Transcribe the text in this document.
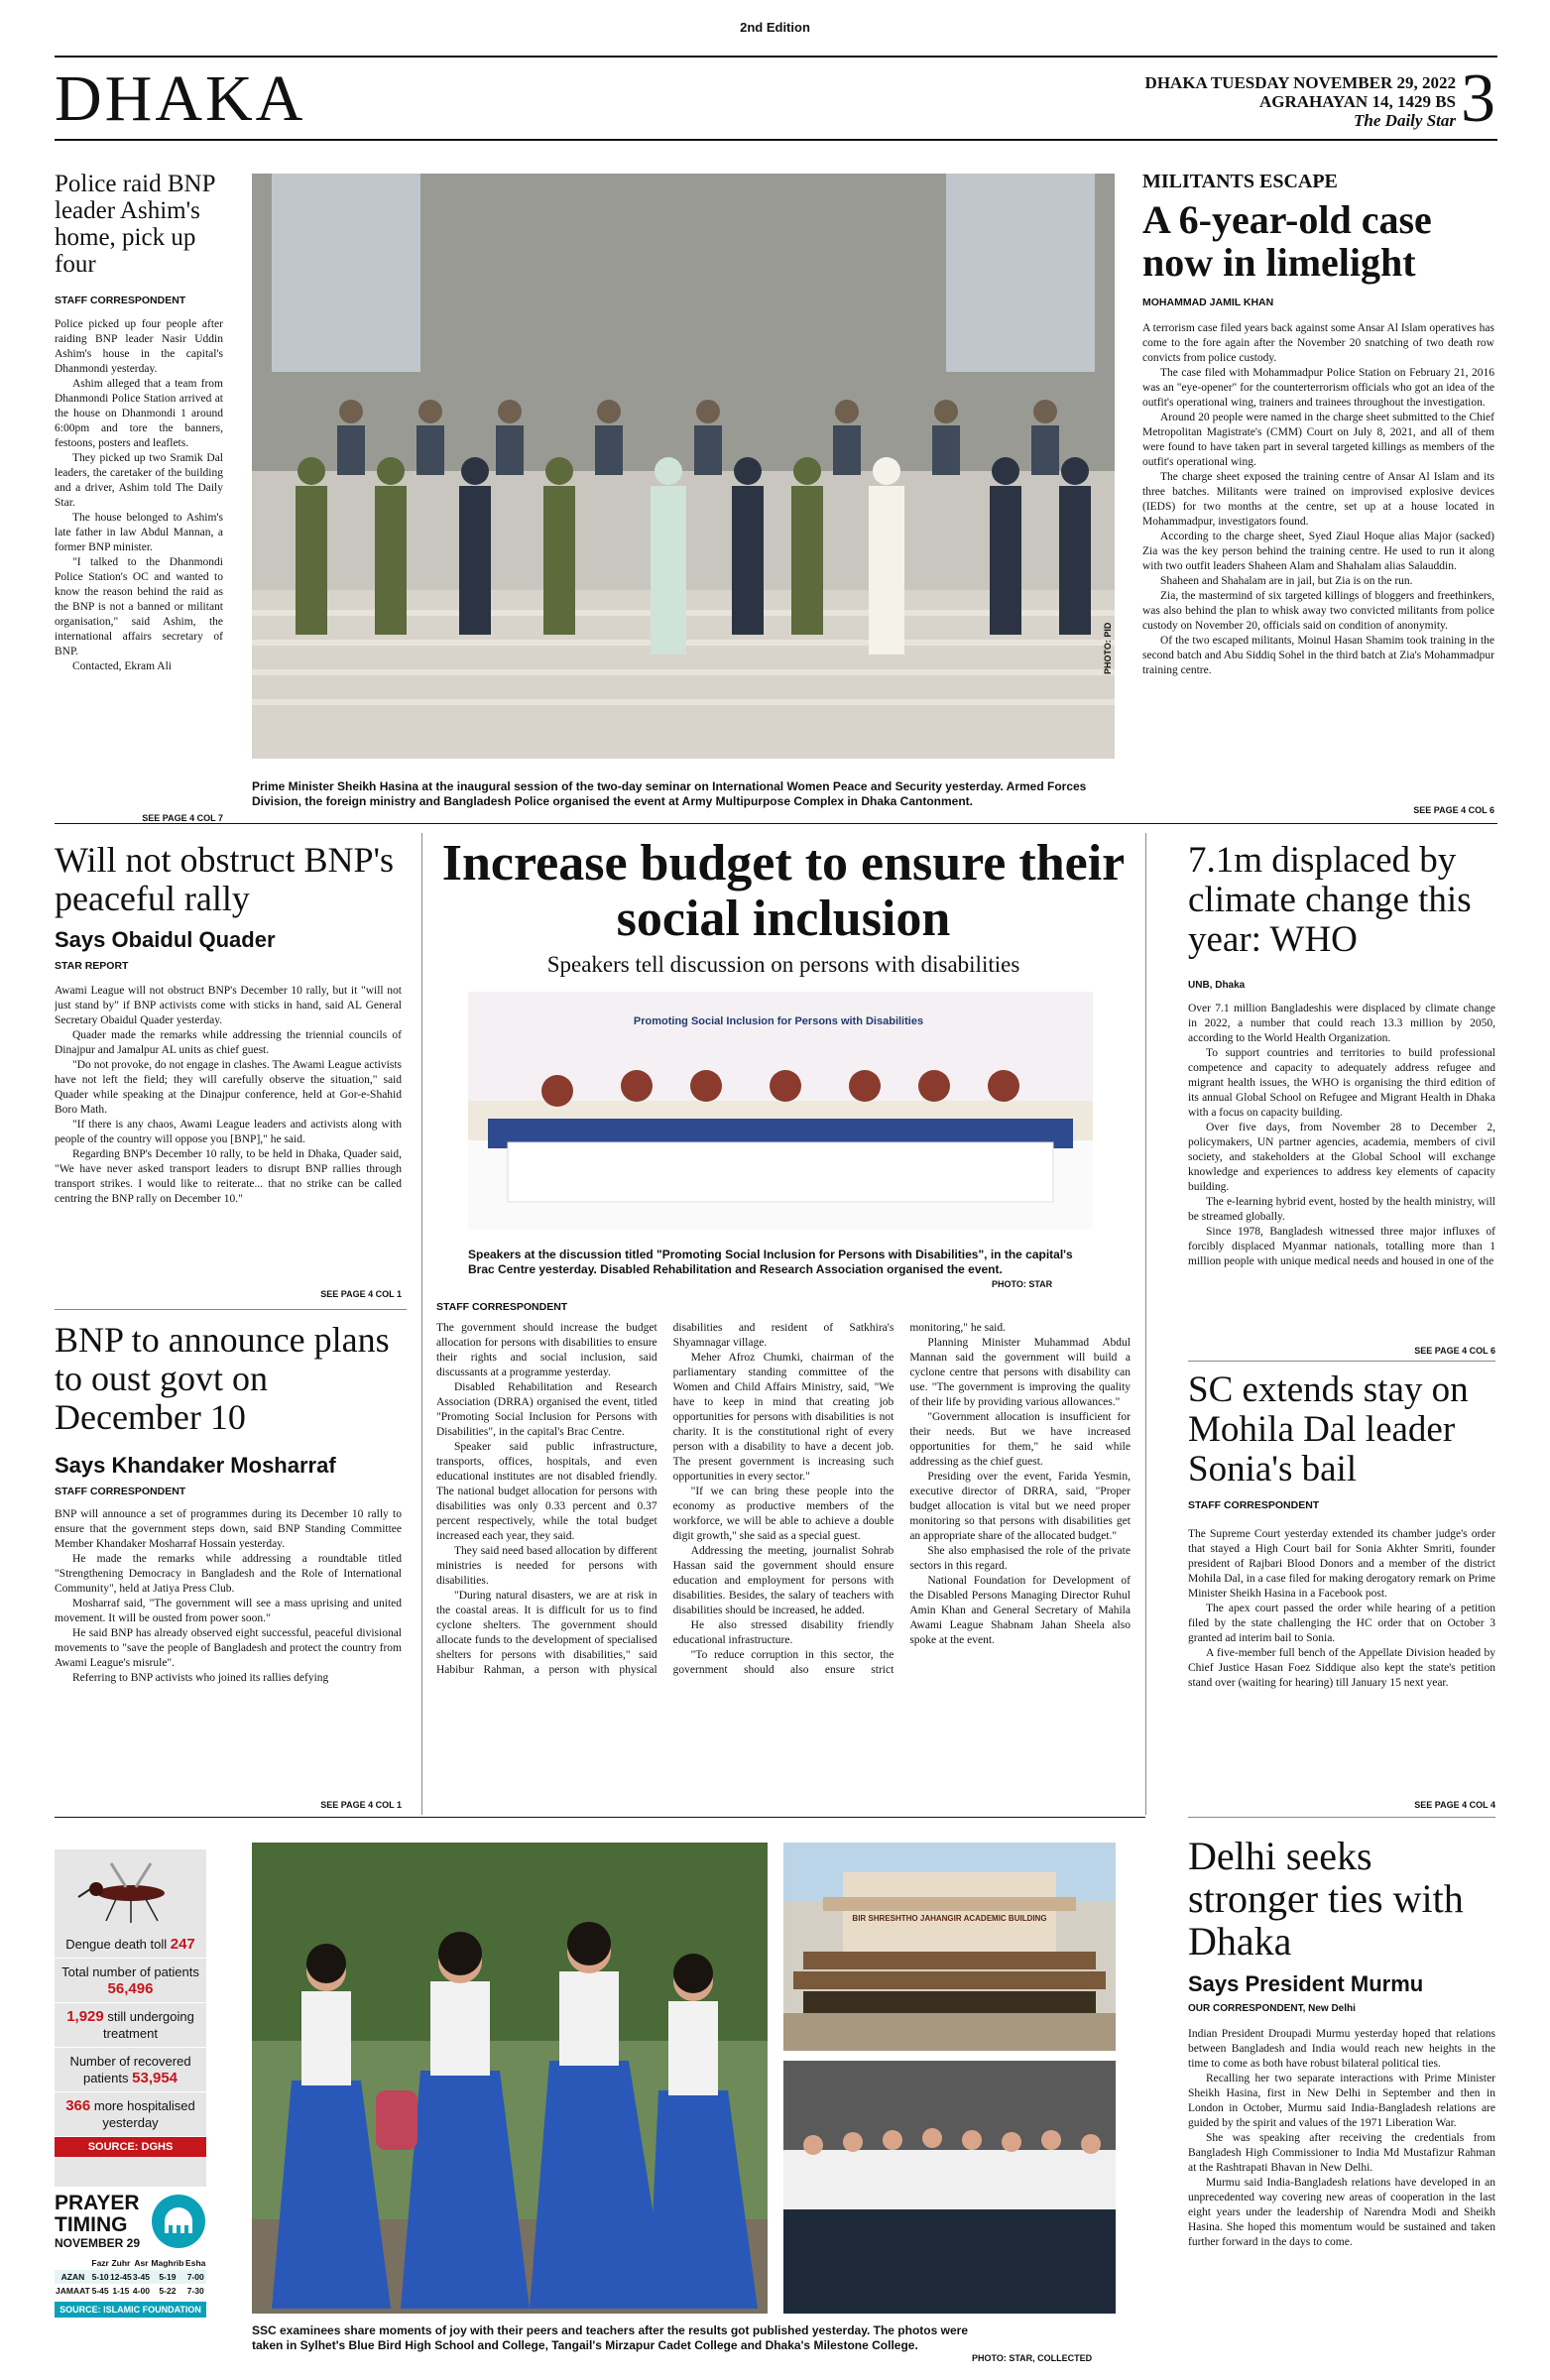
2nd Edition
DHAKA	DHAKA TUESDAY NOVEMBER 29, 2022
AGRAHAYAN 14, 1429 BS
The Daily Star 3
Police raid BNP leader Ashim's home, pick up four
STAFF CORRESPONDENT

Police picked up four people after raiding BNP leader Nasir Uddin Ashim's house in the capital's Dhanmondi yesterday.

Ashim alleged that a team from Dhanmondi Police Station arrived at the house on Dhanmondi 1 around 6:00pm and tore the banners, festoons, posters and leaflets.

They picked up two Sramik Dal leaders, the caretaker of the building and a driver, Ashim told The Daily Star.

The house belonged to Ashim's late father in law Abdul Mannan, a former BNP minister.

"I talked to the Dhanmondi Police Station's OC and wanted to know the reason behind the raid as the BNP is not a banned or militant organisation," said Ashim, the international affairs secretary of BNP.

Contacted, Ekram Ali

SEE PAGE 4 COL 7
PHOTO: PID
Prime Minister Sheikh Hasina at the inaugural session of the two-day seminar on International Women Peace and Security yesterday. Armed Forces Division, the foreign ministry and Bangladesh Police organised the event at Army Multipurpose Complex in Dhaka Cantonment.
MILITANTS ESCAPE
A 6-year-old case now in limelight
MOHAMMAD JAMIL KHAN

A terrorism case filed years back against some Ansar Al Islam operatives has come to the fore again after the November 20 snatching of two death row convicts from police custody.

The case filed with Mohammadpur Police Station on February 21, 2016 was an "eye-opener" for the counterterrorism officials who got an idea of the outfit's operational wing, trainers and trainees throughout the investigation.

Around 20 people were named in the charge sheet submitted to the Chief Metropolitan Magistrate's (CMM) Court on July 8, 2021, and all of them were found to have taken part in several targeted killings as members of the outfit's operational wing.

The charge sheet exposed the training centre of Ansar Al Islam and its three batches. Militants were trained on improvised explosive devices (IEDS) for two months at the centre, set up at a house located in Mohammadpur, investigators found.

According to the charge sheet, Syed Ziaul Hoque alias Major (sacked) Zia was the key person behind the training centre. He used to run it along with two outfit leaders Shaheen Alam and Shahalam alias Salauddin.

Shaheen and Shahalam are in jail, but Zia is on the run.

Zia, the mastermind of six targeted killings of bloggers and freethinkers, was also behind the plan to whisk away two convicted militants from police custody on November 20, officials said on condition of anonymity.

Of the two escaped militants, Moinul Hasan Shamim took training in the second batch and Abu Siddiq Sohel in the third batch at Zia's Mohammadpur training centre.

SEE PAGE 4 COL 6
Will not obstruct BNP's peaceful rally
Says Obaidul Quader
STAR REPORT

Awami League will not obstruct BNP's December 10 rally, but it "will not just stand by" if BNP activists come with sticks in hand, said AL General Secretary Obaidul Quader yesterday.

Quader made the remarks while addressing the triennial councils of Dinajpur and Jamalpur AL units as chief guest.

"Do not provoke, do not engage in clashes. The Awami League activists have not left the field; they will carefully observe the situation," said Quader while speaking at the Dinajpur conference, held at Gor-e-Shahid Boro Math.

"If there is any chaos, Awami League leaders and activists along with people of the country will oppose you [BNP]," he said.

Regarding BNP's December 10 rally, to be held in Dhaka, Quader said, "We have never asked transport leaders to disrupt BNP rallies through transport strikes. I would like to reiterate... that no strike can be called centring the BNP rally on December 10."

SEE PAGE 4 COL 1
BNP to announce plans to oust govt on December 10
Says Khandaker Mosharraf
STAFF CORRESPONDENT

BNP will announce a set of programmes during its December 10 rally to ensure that the government steps down, said BNP Standing Committee Member Khandaker Mosharraf Hossain yesterday.

He made the remarks while addressing a roundtable titled "Strengthening Democracy in Bangladesh and the Role of International Community", held at Jatiya Press Club.

Mosharraf said, "The government will see a mass uprising and united movement. It will be ousted from power soon."

He said BNP has already observed eight successful, peaceful divisional movements to "save the people of Bangladesh and protect the country from Awami League's misrule".

Referring to BNP activists who joined its rallies defying

SEE PAGE 4 COL 1
Increase budget to ensure their social inclusion
Speakers tell discussion on persons with disabilities
Promoting Social Inclusion for Persons with Disabilities
Speakers at the discussion titled "Promoting Social Inclusion for Persons with Disabilities", in the capital's Brac Centre yesterday. Disabled Rehabilitation and Research Association organised the event.
PHOTO: STAR
STAFF CORRESPONDENT

The government should increase the budget allocation for persons with disabilities to ensure their rights and social inclusion, said discussants at a programme yesterday.

Disabled Rehabilitation and Research Association (DRRA) organised the event, titled "Promoting Social Inclusion for Persons with Disabilities", in the capital's Brac Centre.

Speaker said public infrastructure, transports, offices, hospitals, and even educational institutes are not disabled friendly. The national budget allocation for persons with disabilities was only 0.33 percent and 0.37 percent respectively, while the total budget increased each year, they said.

They said need based allocation by different ministries is needed for persons with disabilities.

"During natural disasters, we are at risk in the coastal areas. It is difficult for us to find cyclone shelters. The government should allocate funds to the development of specialised shelters for persons with disabilities," said Habibur Rahman, a person with physical disabilities and resident of Satkhira's Shyamnagar village.

Meher Afroz Chumki, chairman of the parliamentary standing committee of the Women and Child Affairs Ministry, said, "We have to keep in mind that creating job opportunities for persons with disabilities is not charity. It is the constitutional right of every person with a disability to have a decent job. The present government is increasing such opportunities in every sector."

"If we can bring these people into the economy as productive members of the workforce, we will be able to achieve a double digit growth," she said as a special guest.

Addressing the meeting, journalist Sohrab Hassan said the government should ensure education and employment for persons with disabilities. Besides, the salary of teachers with disabilities should be increased, he added.

He also stressed disability friendly educational infrastructure.

"To reduce corruption in this sector, the government should also ensure strict monitoring," he said.

Planning Minister Muhammad Abdul Mannan said the government will build a cyclone centre that persons with disability can use. "The government is improving the quality of their life by providing various allowances."

"Government allocation is insufficient for their needs. But we have increased opportunities for them," he said while addressing as the chief guest.

Presiding over the event, Farida Yesmin, executive director of DRRA, said, "Proper budget allocation is vital but we need proper monitoring so that persons with disabilities get an appropriate share of the allocated budget."

She also emphasised the role of the private sectors in this regard.

National Foundation for Development of the Disabled Persons Managing Director Ruhul Amin Khan and General Secretary of Mahila Awami League Shabnam Jahan Sheela also spoke at the event.

7.1m displaced by climate change this year: WHO
UNB, Dhaka

Over 7.1 million Bangladeshis were displaced by climate change in 2022, a number that could reach 13.3 million by 2050, according to the World Health Organization.

To support countries and territories to build professional competence and capacity to adequately address refugee and migrant health issues, the WHO is organising the third edition of its annual Global School on Refugee and Migrant Health in Dhaka with a focus on capacity building.

Over five days, from November 28 to December 2, policymakers, UN partner agencies, academia, members of civil society, and stakeholders at the Global School will exchange knowledge and experiences to address key elements of capacity building.

The e-learning hybrid event, hosted by the health ministry, will be streamed globally.

Since 1978, Bangladesh witnessed three major influxes of forcibly displaced Myanmar nationals, totalling more than 1 million people with unique medical needs and housed in one of the

SEE PAGE 4 COL 6
SC extends stay on Mohila Dal leader Sonia's bail
STAFF CORRESPONDENT

The Supreme Court yesterday extended its chamber judge's order that stayed a High Court bail for Sonia Akhter Smriti, founder president of Rajbari Blood Donors and a member of the district Mohila Dal, in a case filed for making derogatory remark on Prime Minister Sheikh Hasina in a Facebook post.

The apex court passed the order while hearing of a petition filed by the state challenging the HC order that on October 3 granted ad interim bail to Sonia.

A five-member full bench of the Appellate Division headed by Chief Justice Hasan Foez Siddique also kept the state's petition stand over (waiting for hearing) till January 15 next year.

SEE PAGE 4 COL 4
Dengue death toll 247
Total number of patients 56,496
1,929 still undergoing treatment
Number of recovered patients 53,954
366 more hospitalised yesterday
SOURCE: DGHS
PRAYER
TIMING
NOVEMBER 29
	Fazr	Zuhr	Asr	Maghrib	Esha
AZAN	5-10	12-45	3-45	5-19	7-00
JAMAAT	5-45	1-15	4-00	5-22	7-30
SOURCE: ISLAMIC FOUNDATION
BIR SHRESHTHO JAHANGIR ACADEMIC BUILDING
SSC examinees share moments of joy with their peers and teachers after the results got published yesterday. The photos were taken in Sylhet's Blue Bird High School and College, Tangail's Mirzapur Cadet College and Dhaka's Milestone College.
PHOTO: STAR, COLLECTED
Delhi seeks stronger ties with Dhaka
Says President Murmu
OUR CORRESPONDENT, New Delhi

Indian President Droupadi Murmu yesterday hoped that relations between Bangladesh and India would reach new heights in the time to come as both have robust bilateral political ties.

Recalling her two separate interactions with Prime Minister Sheikh Hasina, first in New Delhi in September and then in London in October, Murmu said India-Bangladesh relations are guided by the spirit and values of the 1971 Liberation War.

She was speaking after receiving the credentials from Bangladesh High Commissioner to India Md Mustafizur Rahman at the Rashtrapati Bhavan in New Delhi.

Murmu said India-Bangladesh relations have developed in an unprecedented way covering new areas of cooperation in the last eight years under the leadership of Narendra Modi and Sheikh Hasina. She hoped this momentum would be sustained and taken further forward in the days to come.
